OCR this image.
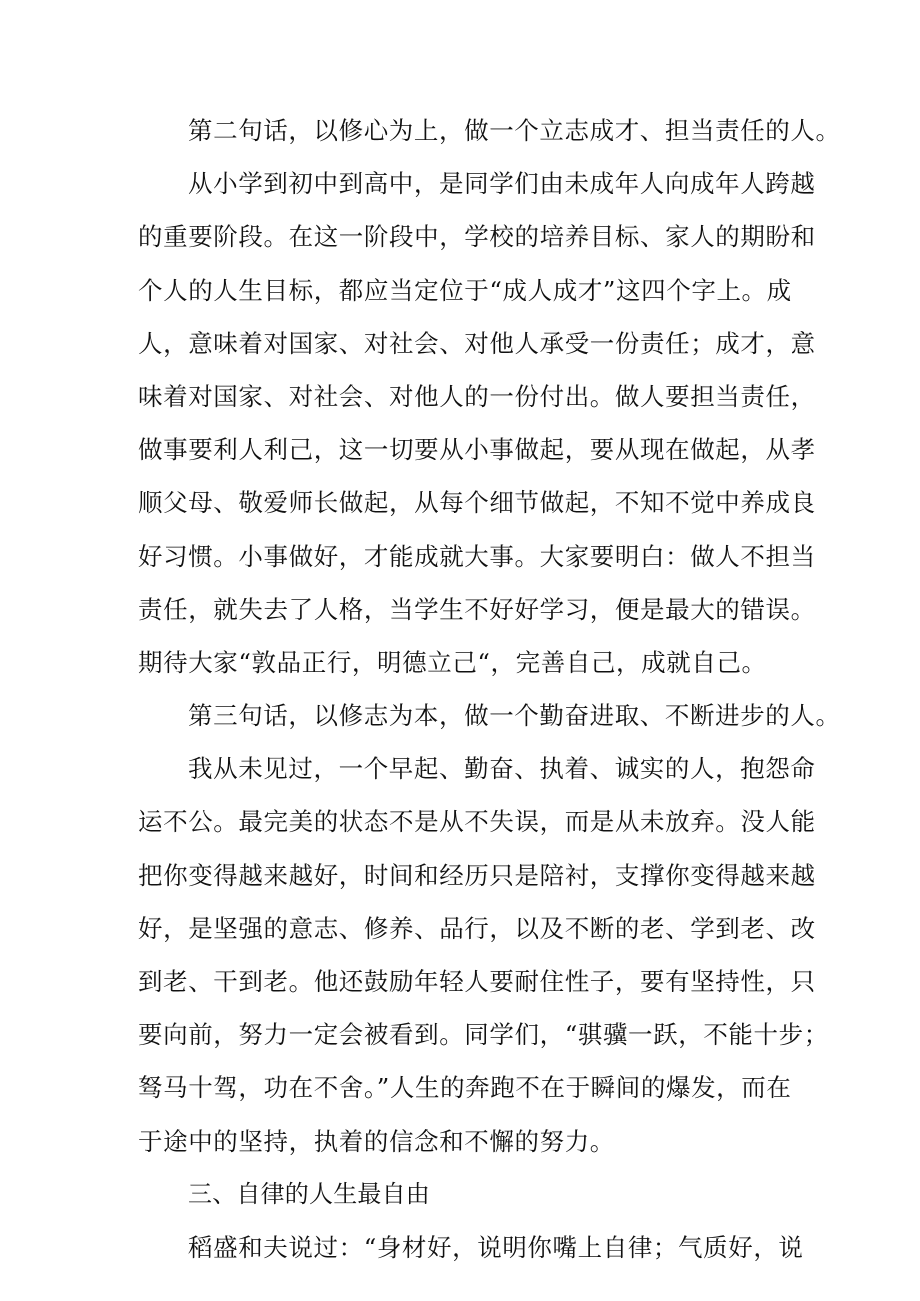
第二句话，以修心为上，做一个立志成才、担当责任的人。
从小学到初中到高中，是同学们由未成年人向成年人跨越
的重要阶段。在这一阶段中，学校的培养目标、家人的期盼和
个人的人生目标，都应当定位于“成人成才”这四个字上。成
人，意味着对国家、对社会、对他人承受一份责任；成才，意
味着对国家、对社会、对他人的一份付出。做人要担当责任，
做事要利人利己，这一切要从小事做起，要从现在做起，从孝
顺父母、敬爱师长做起，从每个细节做起，不知不觉中养成良
好习惯。小事做好，才能成就大事。大家要明白：做人不担当
责任，就失去了人格，当学生不好好学习，便是最大的错误。
期待大家“敦品正行，明德立己“，完善自己，成就自己。
第三句话，以修志为本，做一个勤奋进取、不断进步的人。
我从未见过，一个早起、勤奋、执着、诚实的人，抱怨命
运不公。最完美的状态不是从不失误，而是从未放弃。没人能
把你变得越来越好，时间和经历只是陪衬，支撑你变得越来越
好，是坚强的意志、修养、品行，以及不断的老、学到老、改
到老、干到老。他还鼓励年轻人要耐住性子，要有坚持性，只
要向前，努力一定会被看到。同学们，“骐骥一跃，不能十步；
驽马十驾，功在不舍。”人生的奔跑不在于瞬间的爆发，而在
于途中的坚持，执着的信念和不懈的努力。
三、自律的人生最自由
稻盛和夫说过：“身材好，说明你嘴上自律；气质好，说
